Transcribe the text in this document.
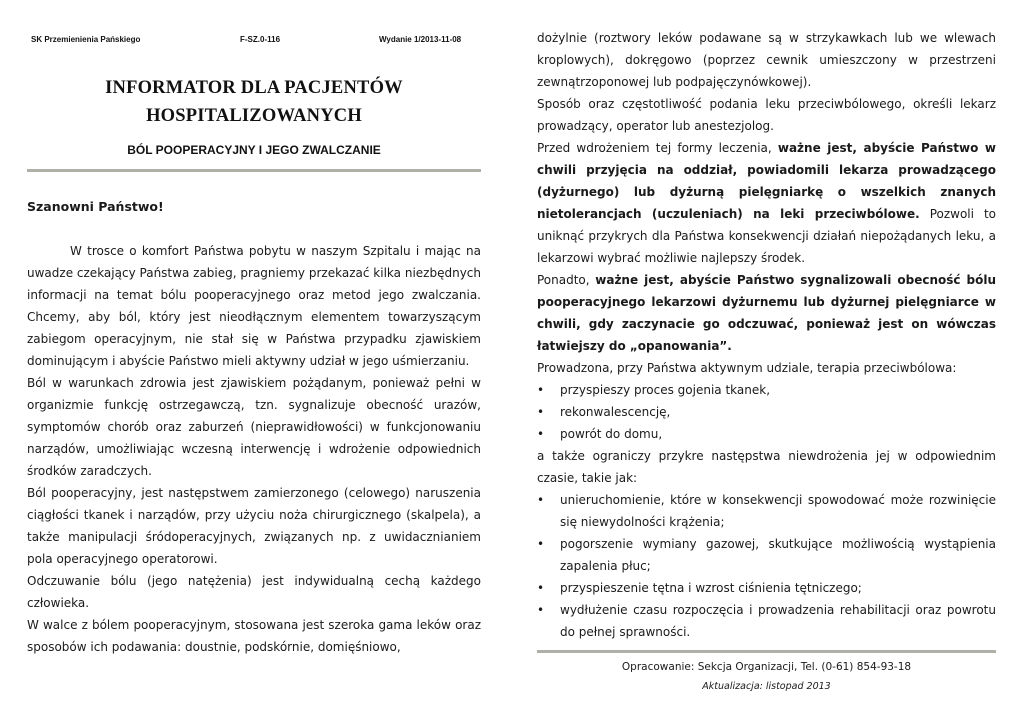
SK Przemienienia Pańskiego	F-SZ.0-116	Wydanie 1/2013-11-08
INFORMATOR DLA PACJENTÓW
HOSPITALIZOWANYCH
BÓL POOPERACYJNY I JEGO ZWALCZANIE
Szanowni Państwo!

W trosce o komfort Państwa pobytu w naszym Szpitalu i mając na uwadze czekający Państwa zabieg, pragniemy przekazać kilka niezbędnych informacji na temat bólu pooperacyjnego oraz metod jego zwalczania. Chcemy, aby ból, który jest nieodłącznym elementem towarzyszącym zabiegom operacyjnym, nie stał się w Państwa przypadku zjawiskiem dominującym i abyście Państwo mieli aktywny udział w jego uśmierzaniu.

Ból w warunkach zdrowia jest zjawiskiem pożądanym, ponieważ pełni w organizmie funkcję ostrzegawczą, tzn. sygnalizuje obecność urazów, symptomów chorób oraz zaburzeń (nieprawidłowości) w funkcjonowaniu narządów, umożliwiając wczesną interwencję i wdrożenie odpowiednich środków zaradczych.

Ból pooperacyjny, jest następstwem zamierzonego (celowego) naruszenia ciągłości tkanek i narządów, przy użyciu noża chirurgicznego (skalpela), a także manipulacji śródoperacyjnych, związanych np. z uwidacznianiem pola operacyjnego operatorowi.

Odczuwanie bólu (jego natężenia) jest indywidualną cechą każdego człowieka.

W walce z bólem pooperacyjnym, stosowana jest szeroka gama leków oraz sposobów ich podawania: doustnie, podskórnie, domięśniowo,

dożylnie (roztwory leków podawane są w strzykawkach lub we wlewach kroplowych), dokręgowo (poprzez cewnik umieszczony w przestrzeni zewnątrzoponowej lub podpajęczynówkowej).

Sposób oraz częstotliwość podania leku przeciwbólowego, określi lekarz prowadzący, operator lub anestezjolog.

Przed wdrożeniem tej formy leczenia, ważne jest, abyście Państwo w chwili przyjęcia na oddział, powiadomili lekarza prowadzącego (dyżurnego) lub dyżurną pielęgniarkę o wszelkich znanych nietolerancjach (uczuleniach) na leki przeciwbólowe. Pozwoli to uniknąć przykrych dla Państwa konsekwencji działań niepożądanych leku, a lekarzowi wybrać możliwie najlepszy środek.

Ponadto, ważne jest, abyście Państwo sygnalizowali obecność bólu pooperacyjnego lekarzowi dyżurnemu lub dyżurnej pielęgniarce w chwili, gdy zaczynacie go odczuwać, ponieważ jest on wówczas łatwiejszy do „opanowania”.

Prowadzona, przy Państwa aktywnym udziale, terapia przeciwbólowa:

• przyspieszy proces gojenia tkanek,
• rekonwalescencję,
• powrót do domu,

a także ograniczy przykre następstwa niewdrożenia jej w odpowiednim czasie, takie jak:

• unieruchomienie, które w konsekwencji spowodować może rozwinięcie się niewydolności krążenia;
• pogorszenie wymiany gazowej, skutkujące możliwością wystąpienia zapalenia płuc;
• przyspieszenie tętna i wzrost ciśnienia tętniczego;
• wydłużenie czasu rozpoczęcia i prowadzenia rehabilitacji oraz powrotu do pełnej sprawności.
Opracowanie: Sekcja Organizacji, Tel. (0-61) 854-93-18
Aktualizacja: listopad 2013
